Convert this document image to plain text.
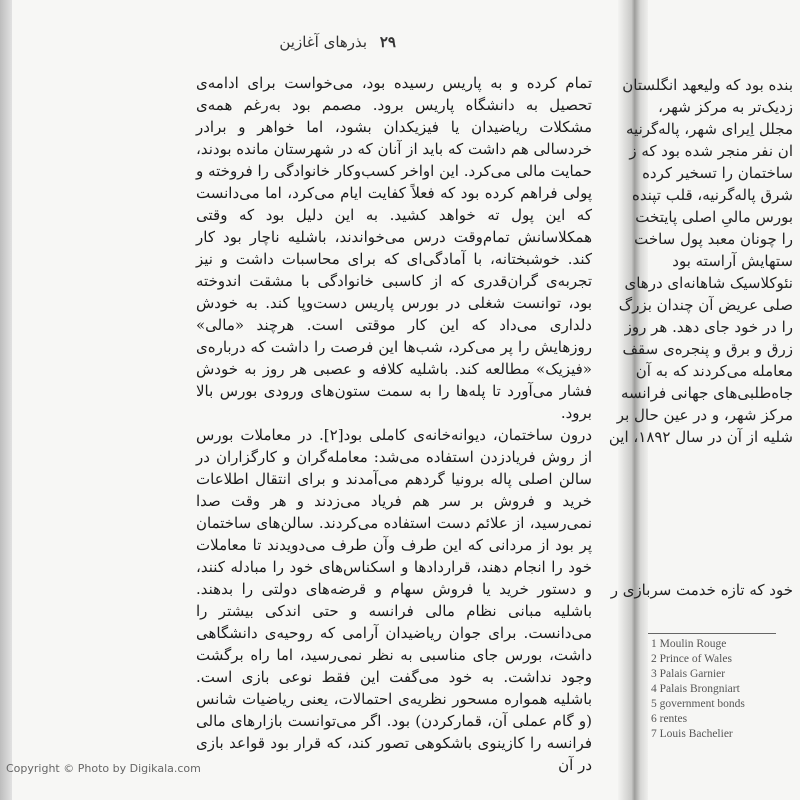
۲۹ بذرهای آغازین

تمام کرده و به پاریس رسیده بود، می‌خواست برای ادامه‌ی تحصیل به دانشگاه پاریس برود. مصمم بود به‌رغم همه‌ی مشکلات ریاضیدان یا فیزیکدان بشود، اما خواهر و برادر خردسالی هم داشت که باید از آنان که در شهرستان مانده بودند، حمایت مالی می‌کرد. این اواخر کسب‌وکار خانوادگی را فروخته و پولی فراهم کرده بود که فعلاً کفایت ایام می‌کرد، اما می‌دانست که این پول ته خواهد کشید. به این دلیل بود که وقتی همکلاسانش تمام‌وقت درس می‌خواندند، باشلیه ناچار بود کار کند. خوشبختانه، با آمادگی‌ای که برای محاسبات داشت و نیز تجربه‌ی گران‌قدری که از کاسبی خانوادگی با مشقت اندوخته بود، توانست شغلی در بورس پاریس دست‌وپا کند. به خودش دلداری می‌داد که این کار موقتی است. هرچند «مالی» روزهایش را پر می‌کرد، شب‌ها این فرصت را داشت که درباره‌ی «فیزیک» مطالعه کند. باشلیه کلافه و عصبی هر روز به خودش فشار می‌آورد تا پله‌ها را به سمت ستون‌های ورودی بورس بالا برود.

درون ساختمان، دیوانه‌خانه‌ی کاملی بود[۲]. در معاملات بورس از روش فریادزدن استفاده می‌شد: معامله‌گران و کارگزاران در سالن اصلی پاله برونیا گردهم می‌آمدند و برای انتقال اطلاعات خرید و فروش بر سر هم فریاد می‌زدند و هر وقت صدا نمی‌رسید، از علائم دست استفاده می‌کردند. سالن‌های ساختمان پر بود از مردانی که این طرف وآن طرف می‌دویدند تا معاملات خود را انجام دهند، قراردادها و اسکناس‌های خود را مبادله کنند، و دستور خرید یا فروش سهام و قرضه‌های دولتی را بدهند. باشلیه مبانی نظام مالی فرانسه و حتی اندکی بیشتر را می‌دانست. برای جوان ریاضیدان آرامی که روحیه‌ی دانشگاهی داشت، بورس جای مناسبی به نظر نمی‌رسید، اما راه برگشت وجود نداشت. به خود می‌گفت این فقط نوعی بازی است. باشلیه همواره مسحور نظریه‌ی احتمالات، یعنی ریاضیات شانس (و گام عملی آن، قمارکردن) بود. اگر می‌توانست بازارهای مالی فرانسه را کازینوی باشکوهی تصور کند، که قرار بود قواعد بازی در آن

بنده بود که ولیعهد انگلستان
زدیک‌تر به مرکز شهر،
مجلل اِیرای شهر، پاله‌گرنیه
ان نفر منجر شده بود که ز
ساختمان را تسخیر کرده
شرق پاله‌گرنیه، قلب تپنده
بورس مالیِ اصلی پایتخت
را چونان معبد پول ساخت
ستهایش آراسته بود
نئوکلاسیک شاهانه‌ای درهای
صلی عریض آن چندان بزرگ
را در خود جای دهد. هر روز
زرق و برق و پنجره‌ی سقف
معامله می‌کردند که به آن
جاه‌طلبی‌های جهانی فرانسه
مرکز شهر، و در عین حال بر
شلیه از آن در سال ۱۸۹۲، این
خود که تازه خدمت سربازی ر
1 Moulin Rouge
2 Prince of Wales
3 Palais Garnier
4 Palais Brongniart
5 government bonds
6 rentes
7 Louis Bachelier
Copyright © Photo by Digikala.com
